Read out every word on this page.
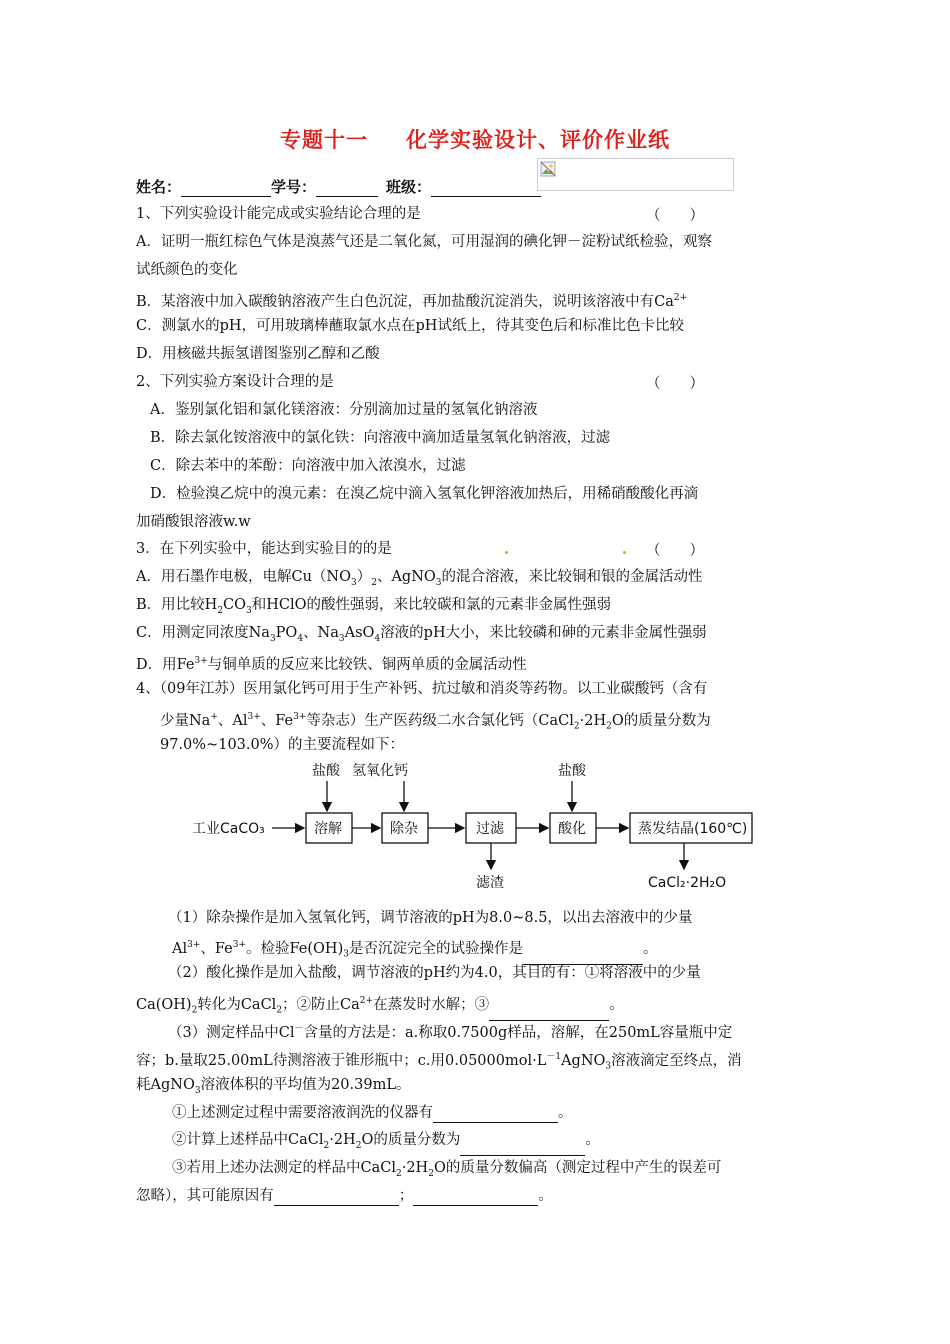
专题十一 化学实验设计、评价作业纸
姓名：	学号：	班级：
1、下列实验设计能完成或实验结论合理的是	（　　）
A．证明一瓶红棕色气体是溴蒸气还是二氧化氮，可用湿润的碘化钾－淀粉试纸检验，观察
试纸颜色的变化
B．某溶液中加入碳酸钠溶液产生白色沉淀，再加盐酸沉淀消失，说明该溶液中有$Ca^{2+}$
C．测氯水的pH，可用玻璃棒蘸取氯水点在pH试纸上，待其变色后和标准比色卡比较
D．用核磁共振氢谱图鉴别乙醇和乙酸
2、下列实验方案设计合理的是	（　　）
A．鉴别氯化铝和氯化镁溶液：分别滴加过量的氢氧化钠溶液
B．除去氯化铵溶液中的氯化铁：向溶液中滴加适量氢氧化钠溶液，过滤
C．除去苯中的苯酚：向溶液中加入浓溴水，过滤
D．检验溴乙烷中的溴元素：在溴乙烷中滴入氢氧化钾溶液加热后，用稀硝酸酸化再滴
加硝酸银溶液w.w
3．在下列实验中，能达到实验目的的是	（　　）
A．用石墨作电极，电解$Cu(NO_3)_2$、AgNO$_3$的混合溶液，来比较铜和银的金属活动性
B．用比较$H_2CO_3$和HClO的酸性强弱，来比较碳和氯的元素非金属性强弱
C．用测定同浓度$Na_3PO_4$、$Na_3AsO_4$溶液的pH大小，来比较磷和砷的元素非金属性强弱
D．用$Fe^{3+}$与铜单质的反应来比较铁、铜两单质的金属活动性
4、（09年江苏）医用氯化钙可用于生产补钙、抗过敏和消炎等药物。以工业碳酸钙（含有
少量Na+、$Al^{3+}$、$Fe^{3+}$等杂志）生产医药级二水合氯化钙（$CaCl_2\cdot 2H_2O$的质量分数为
97.0%~103.0%）的主要流程如下：
盐酸 氢氧化钙	盐酸
工业CaCO₃	溶解	除杂	过滤	酸化	蒸发结晶(160℃)
滤渣	CaCl₂·2H₂O
（1）除杂操作是加入氢氧化钙，调节溶液的pH为8.0~8.5，以出去溶液中的少量
$Al^{3+}$、$Fe^{3+}$。检验$Fe(OH)_3$是否沉淀完全的试验操作是	。
（2）酸化操作是加入盐酸，调节溶液的pH约为4.0，其目的有：①将溶液中的少量
$Ca(OH)_2$转化为CaCl$_2$；②防止$Ca^{2+}$在蒸发时水解；③	。
（3）测定样品中Cl－含量的方法是：a.称取0.7500g样品，溶解，在250mL容量瓶中定
容；b.量取25.00mL待测溶液于锥形瓶中；c.用$0.05000mol\cdot L^{-1}AgNO_3$溶液滴定至终点，消
耗AgNO$_3$溶液体积的平均值为20.39mL。
①上述测定过程中需要溶液润洗的仪器有	。
②计算上述样品中$CaCl_2\cdot 2H_2O$的质量分数为	。
③若用上述办法测定的样品中$CaCl_2\cdot 2H_2O$的质量分数偏高（测定过程中产生的误差可
忽略），其可能原因有	；	。
